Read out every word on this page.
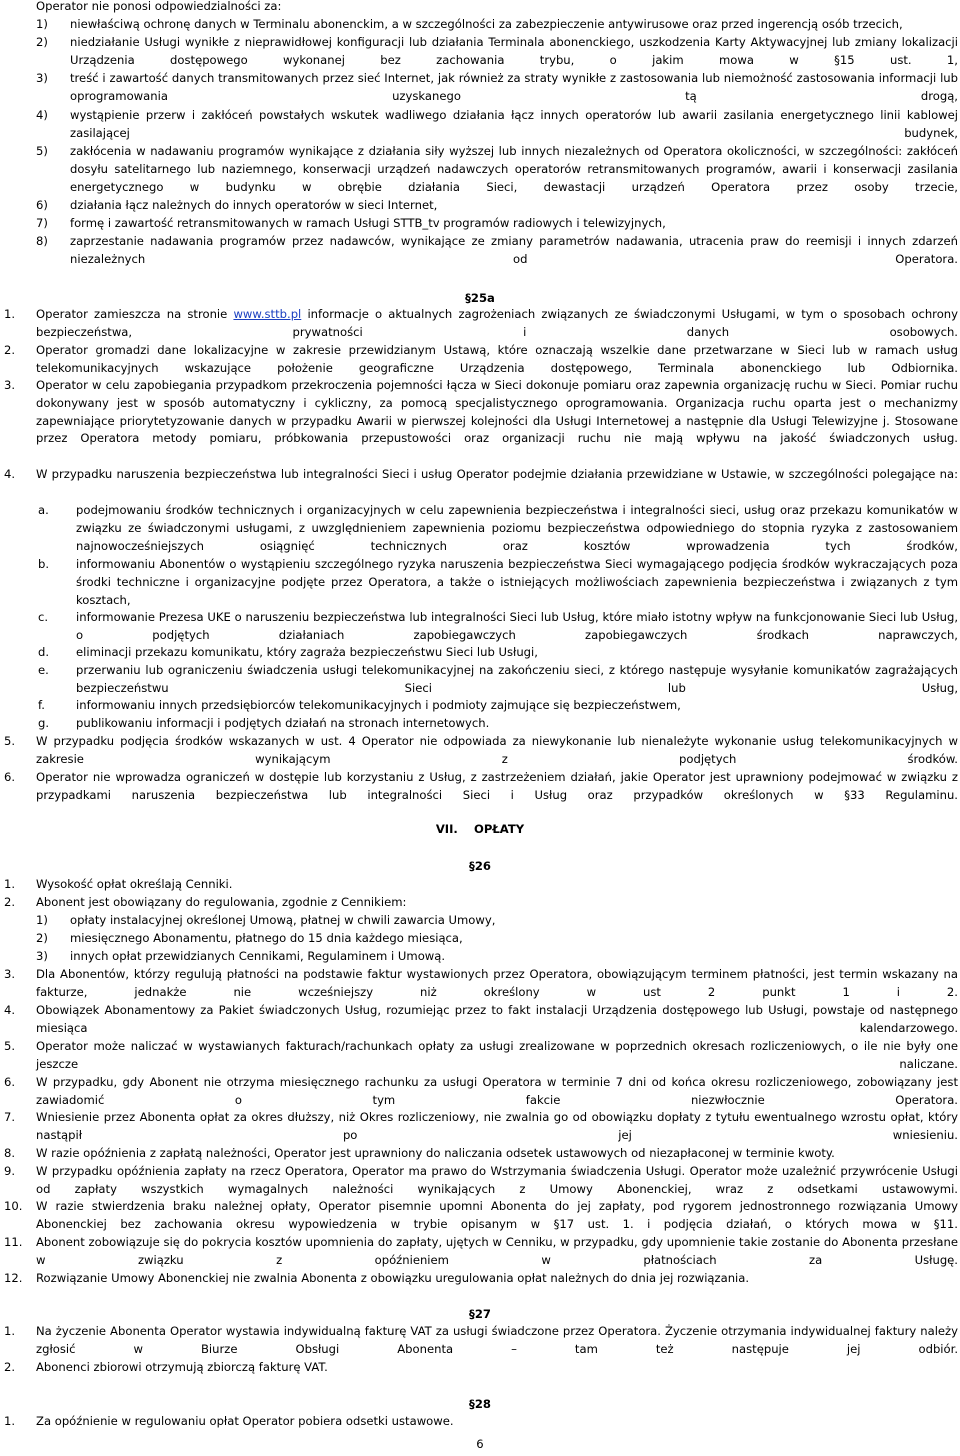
Operator nie ponosi odpowiedzialności za:
1) niewłaściwą ochronę danych w Terminalu abonenckim, a w szczególności za zabezpieczenie antywirusowe oraz przed ingerencją osób trzecich,
2) niedziałanie Usługi wynikłe z nieprawidłowej konfiguracji lub działania Terminala abonenckiego, uszkodzenia Karty Aktywacyjnej lub zmiany lokalizacji Urządzenia dostępowego wykonanej bez zachowania trybu, o jakim mowa w §15 ust. 1,
3) treść i zawartość danych transmitowanych przez sieć Internet, jak również za straty wynikłe z zastosowania lub niemożność zastosowania informacji lub oprogramowania uzyskanego tą drogą,
4) wystąpienie przerw i zakłóceń powstałych wskutek wadliwego działania łącz innych operatorów lub awarii zasilania energetycznego linii kablowej zasilającej budynek,
5) zakłócenia w nadawaniu programów wynikające z działania siły wyższej lub innych niezależnych od Operatora okoliczności, w szczególności: zakłóceń dosyłu satelitarnego lub naziemnego, konserwacji urządzeń nadawczych operatorów retransmitowanych programów, awarii i konserwacji zasilania energetycznego w budynku w obrębie działania Sieci, dewastacji urządzeń Operatora przez osoby trzecie,
6) działania łącz należnych do innych operatorów w sieci Internet,
7) formę i zawartość retransmitowanych w ramach Usługi STTB_tv programów radiowych i telewizyjnych,
8) zaprzestanie nadawania programów przez nadawców, wynikające ze zmiany parametrów nadawania, utracenia praw do reemisji i innych zdarzeń niezależnych od Operatora.
§25a
1. Operator zamieszcza na stronie www.sttb.pl informacje o aktualnych zagrożeniach związanych ze świadczonymi Usługami, w tym o sposobach ochrony bezpieczeństwa, prywatności i danych osobowych.
2. Operator gromadzi dane lokalizacyjne w zakresie przewidzianym Ustawą, które oznaczają wszelkie dane przetwarzane w Sieci lub w ramach usług telekomunikacyjnych wskazujące położenie geograficzne Urządzenia dostępowego, Terminala abonenckiego lub Odbiornika.
3. Operator w celu zapobiegania przypadkom przekroczenia pojemności łącza w Sieci dokonuje pomiaru oraz zapewnia organizację ruchu w Sieci. Pomiar ruchu dokonywany jest w sposób automatyczny i cykliczny, za pomocą specjalistycznego oprogramowania. Organizacja ruchu oparta jest o mechanizmy zapewniające priorytetyzowanie danych w przypadku Awarii w pierwszej kolejności dla Usługi Internetowej a następnie dla Usługi Telewizyjne j. Stosowane przez Operatora metody pomiaru, próbkowania przepustowości oraz organizacji ruchu nie mają wpływu na jakość świadczonych usług.
4. W przypadku naruszenia bezpieczeństwa lub integralności Sieci i usług Operator podejmie działania przewidziane w Ustawie, w szczególności polegające na:
a. podejmowaniu środków technicznych i organizacyjnych w celu zapewnienia bezpieczeństwa i integralności sieci, usług oraz przekazu komunikatów w związku ze świadczonymi usługami, z uwzględnieniem zapewnienia poziomu bezpieczeństwa odpowiedniego do stopnia ryzyka z zastosowaniem najnowocześniejszych osiągnięć technicznych oraz kosztów wprowadzenia tych środków,
b. informowaniu Abonentów o wystąpieniu szczególnego ryzyka naruszenia bezpieczeństwa Sieci wymagającego podjęcia środków wykraczających poza środki techniczne i organizacyjne podjęte przez Operatora, a także o istniejących możliwościach zapewnienia bezpieczeństwa i związanych z tym kosztach,
c. informowanie Prezesa UKE o naruszeniu bezpieczeństwa lub integralności Sieci lub Usług, które miało istotny wpływ na funkcjonowanie Sieci lub Usług, o podjętych działaniach zapobiegawczych zapobiegawczych środkach naprawczych,
d. eliminacji przekazu komunikatu, który zagraża bezpieczeństwu Sieci lub Usługi,
e. przerwaniu lub ograniczeniu świadczenia usługi telekomunikacyjnej na zakończeniu sieci, z którego następuje wysyłanie komunikatów zagrażających bezpieczeństwu Sieci lub Usług,
f.	informowaniu innych przedsiębiorców telekomunikacyjnych i podmioty zajmujące się bezpieczeństwem,
g. publikowaniu informacji i podjętych działań na stronach internetowych.
5. W przypadku podjęcia środków wskazanych w ust. 4 Operator nie odpowiada za niewykonanie lub nienależyte wykonanie usług telekomunikacyjnych w zakresie wynikającym z podjętych środków.
6. Operator nie wprowadza ograniczeń w dostępie lub korzystaniu z Usług, z zastrzeżeniem działań, jakie Operator jest uprawniony podejmować w związku z przypadkami naruszenia bezpieczeństwa lub integralności Sieci i Usług oraz przypadków określonych w §33 Regulaminu.
VII.    OPŁATY
§26
1. Wysokość opłat określają Cenniki.
2. Abonent jest obowiązany do regulowania, zgodnie z Cennikiem:
1) opłaty instalacyjnej określonej Umową, płatnej w chwili zawarcia Umowy,
2) miesięcznego Abonamentu, płatnego do 15 dnia każdego miesiąca,
3) innych opłat przewidzianych Cennikami, Regulaminem i Umową.
3. Dla Abonentów, którzy regulują płatności na podstawie faktur wystawionych przez Operatora, obowiązującym terminem płatności, jest termin wskazany na fakturze, jednakże nie wcześniejszy niż określony w ust 2 punkt 1 i 2.
4. Obowiązek Abonamentowy za Pakiet świadczonych Usług, rozumiejąc przez to fakt instalacji Urządzenia dostępowego lub Usługi, powstaje od następnego miesiąca kalendarzowego.
5. Operator może naliczać w wystawianych fakturach/rachunkach opłaty za usługi zrealizowane w poprzednich okresach rozliczeniowych, o ile nie były one jeszcze naliczane.
6. W przypadku, gdy Abonent nie otrzyma miesięcznego rachunku za usługi Operatora w terminie 7 dni od końca okresu rozliczeniowego, zobowiązany jest zawiadomić o tym fakcie niezwłocznie Operatora.
7. Wniesienie przez Abonenta opłat za okres dłuższy, niż Okres rozliczeniowy, nie zwalnia go od obowiązku dopłaty z tytułu ewentualnego wzrostu opłat, który nastąpił po jej wniesieniu.
8. W razie opóźnienia z zapłatą należności, Operator jest uprawniony do naliczania odsetek ustawowych od niezapłaconej w terminie kwoty.
9. W przypadku opóźnienia zapłaty na rzecz Operatora, Operator ma prawo do Wstrzymania świadczenia Usługi. Operator może uzależnić przywrócenie Usługi od zapłaty wszystkich wymagalnych należności wynikających z Umowy Abonenckiej, wraz z odsetkami ustawowymi.
10. W razie stwierdzenia braku należnej opłaty, Operator pisemnie upomni Abonenta do jej zapłaty, pod rygorem jednostronnego rozwiązania Umowy Abonenckiej bez zachowania okresu wypowiedzenia w trybie opisanym w §17 ust. 1. i podjęcia działań, o których mowa w §11.
11. Abonent zobowiązuje się do pokrycia kosztów upomnienia do zapłaty, ujętych w Cenniku, w przypadku, gdy upomnienie takie zostanie do Abonenta przesłane w związku z opóźnieniem w płatnościach za Usługę.
12. Rozwiązanie Umowy Abonenckiej nie zwalnia Abonenta z obowiązku uregulowania opłat należnych do dnia jej rozwiązania.
§27
1. Na życzenie Abonenta Operator wystawia indywidualną fakturę VAT za usługi świadczone przez Operatora. Życzenie otrzymania indywidualnej faktury należy zgłosić w Biurze Obsługi Abonenta – tam też następuje jej odbiór.
2. Abonenci zbiorowi otrzymują zbiorczą fakturę VAT.
§28
1. Za opóźnienie w regulowaniu opłat Operator pobiera odsetki ustawowe.
6
